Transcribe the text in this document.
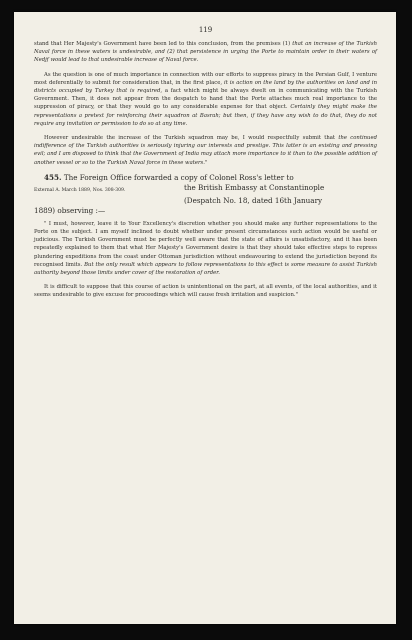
119

stand that Her Majesty's Government have been led to this conclusion, from the premises (1) that an increase of the Turkish Naval force in these waters is undesirable, and (2) that persistence in urging the Porte to maintain order in their waters of Nedjf would lead to that undesirable increase of Naval force.

As the question is one of much importance in connection with our efforts to suppress piracy in the Persian Gulf, I venture most deferentially to submit for consideration that, in the first place, it is action on the land by the authorities on land and in districts occupied by Turkey that is required, a fact which might be always dwelt on in communicating with the Turkish Government. Then, it does not appear from the despatch to hand that the Porte attaches much real importance to the suppression of piracy, or that they would go to any considerable expense for that object. Certainly they might make the representations a pretext for reinforcing their squadron at Basrah; but then, if they have any wish to do that, they do not require any invitation or permission to do so at any time.

However undesirable the increase of the Turkish squadron may be, I would respectfully submit that the continued indifference of the Turkish authorities is seriously injuring our interests and prestige. This latter is an existing and pressing evil; and I am disposed to think that the Government of India may attach more importance to it than to the possible addition of another vessel or so to the Turkish Naval force in these waters."

455. The Foreign Office forwarded a copy of Colonel Ross's letter to
External A. March 1889, Nos. 308-309.	the British Embassy at Constantinople
(Despatch No. 18, dated 16th January
1889) observing :—

" I must, however, leave it to Your Excellency's discretion whether you should make any further representations to the Porte on the subject. I am myself inclined to doubt whether under present circumstances such action would be useful or judicious. The Turkish Government must be perfectly well aware that the state of affairs is unsatisfactory, and it has been repeatedly explained to them that what Her Majesty's Government desire is that they should take effective steps to repress plundering expeditions from the coast under Ottoman jurisdiction without endeavouring to extend the jurisdiction beyond its recognised limits. But the only result which appears to follow representations to this effect is some measure to assist Turkish authority beyond those limits under cover of the restoration of order.

It is difficult to suppose that this course of action is unintentional on the part, at all events, of the local authorities, and it seems undesirable to give excuse for proceedings which will cause fresh irritation and suspicion."
